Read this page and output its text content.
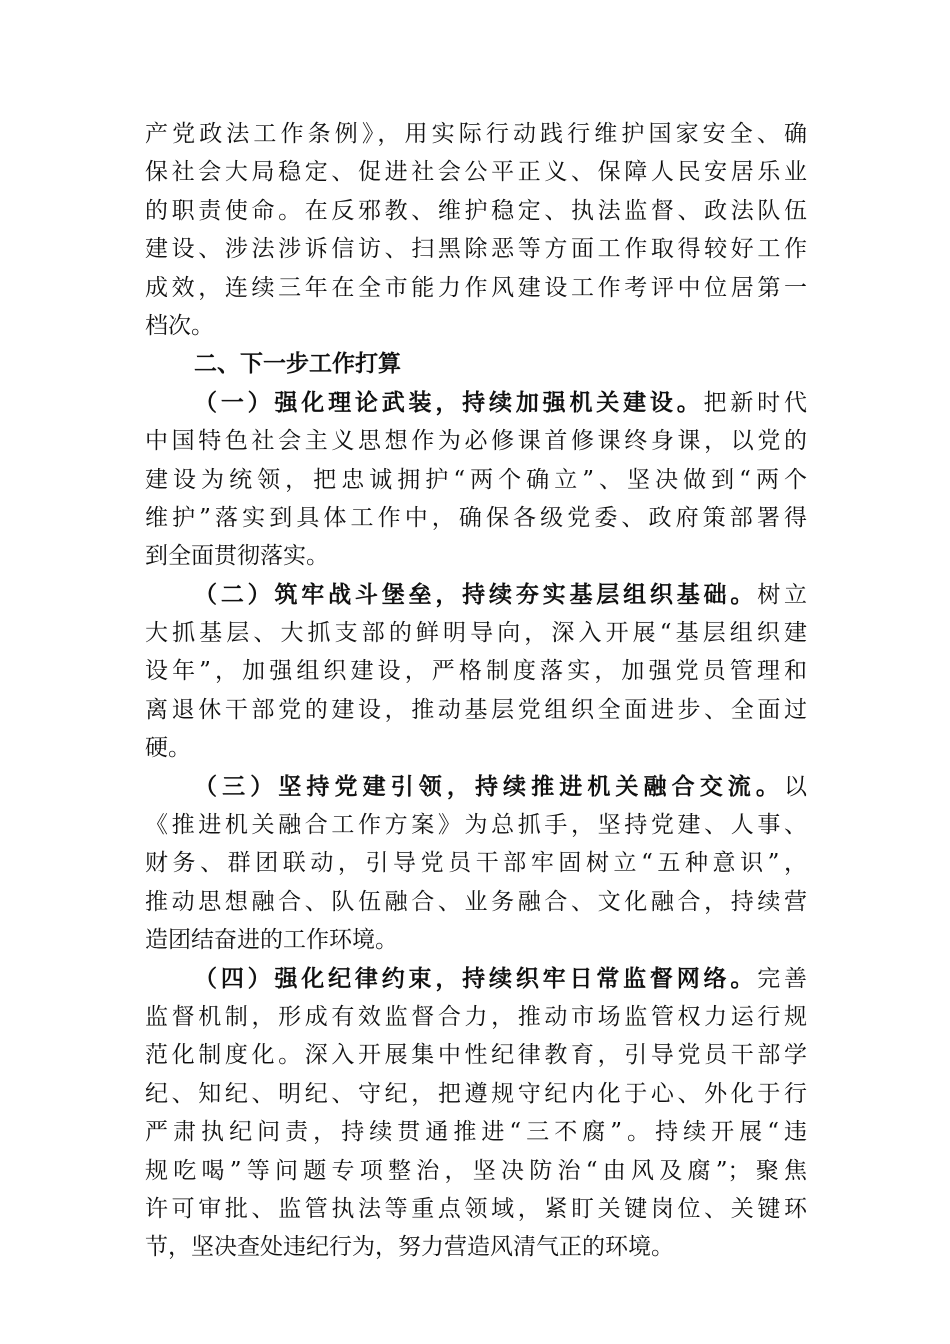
产党政法工作条例》，用实际行动践行维护国家安全、确
保社会大局稳定、促进社会公平正义、保障人民安居乐业
的职责使命。在反邪教、维护稳定、执法监督、政法队伍
建设、涉法涉诉信访、扫黑除恶等方面工作取得较好工作
成效，连续三年在全市能力作风建设工作考评中位居第一
档次。
二、下一步工作打算
（一）强化理论武装，持续加强机关建设。把新时代
中国特色社会主义思想作为必修课首修课终身课，以党的
建设为统领，把忠诚拥护“两个确立”、坚决做到“两个
维护”落实到具体工作中，确保各级党委、政府策部署得
到全面贯彻落实。
（二）筑牢战斗堡垒，持续夯实基层组织基础。树立
大抓基层、大抓支部的鲜明导向，深入开展“基层组织建
设年”，加强组织建设，严格制度落实，加强党员管理和
离退休干部党的建设，推动基层党组织全面进步、全面过
硬。
（三）坚持党建引领，持续推进机关融合交流。以
《推进机关融合工作方案》为总抓手，坚持党建、人事、
财务、群团联动，引导党员干部牢固树立“五种意识”，
推动思想融合、队伍融合、业务融合、文化融合，持续营
造团结奋进的工作环境。
（四）强化纪律约束，持续织牢日常监督网络。完善
监督机制，形成有效监督合力，推动市场监管权力运行规
范化制度化。深入开展集中性纪律教育，引导党员干部学
纪、知纪、明纪、守纪，把遵规守纪内化于心、外化于行
严肃执纪问责，持续贯通推进“三不腐”。持续开展“违
规吃喝”等问题专项整治，坚决防治“由风及腐”；聚焦
许可审批、监管执法等重点领域，紧盯关键岗位、关键环
节，坚决查处违纪行为，努力营造风清气正的环境。
